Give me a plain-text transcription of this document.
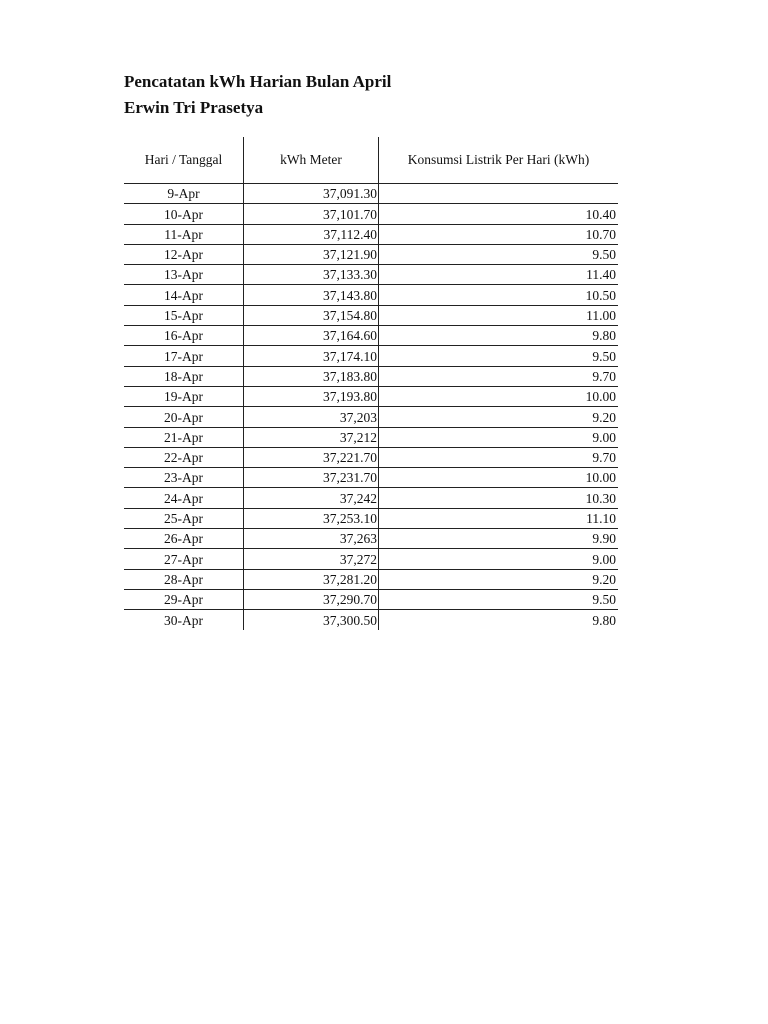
Pencatatan kWh Harian Bulan April
Erwin Tri Prasetya
Hari / Tanggal	kWh Meter	Konsumsi Listrik Per Hari (kWh)
9-Apr	37,091.30	
10-Apr	37,101.70	10.40
11-Apr	37,112.40	10.70
12-Apr	37,121.90	9.50
13-Apr	37,133.30	11.40
14-Apr	37,143.80	10.50
15-Apr	37,154.80	11.00
16-Apr	37,164.60	9.80
17-Apr	37,174.10	9.50
18-Apr	37,183.80	9.70
19-Apr	37,193.80	10.00
20-Apr	37,203	9.20
21-Apr	37,212	9.00
22-Apr	37,221.70	9.70
23-Apr	37,231.70	10.00
24-Apr	37,242	10.30
25-Apr	37,253.10	11.10
26-Apr	37,263	9.90
27-Apr	37,272	9.00
28-Apr	37,281.20	9.20
29-Apr	37,290.70	9.50
30-Apr	37,300.50	9.80
